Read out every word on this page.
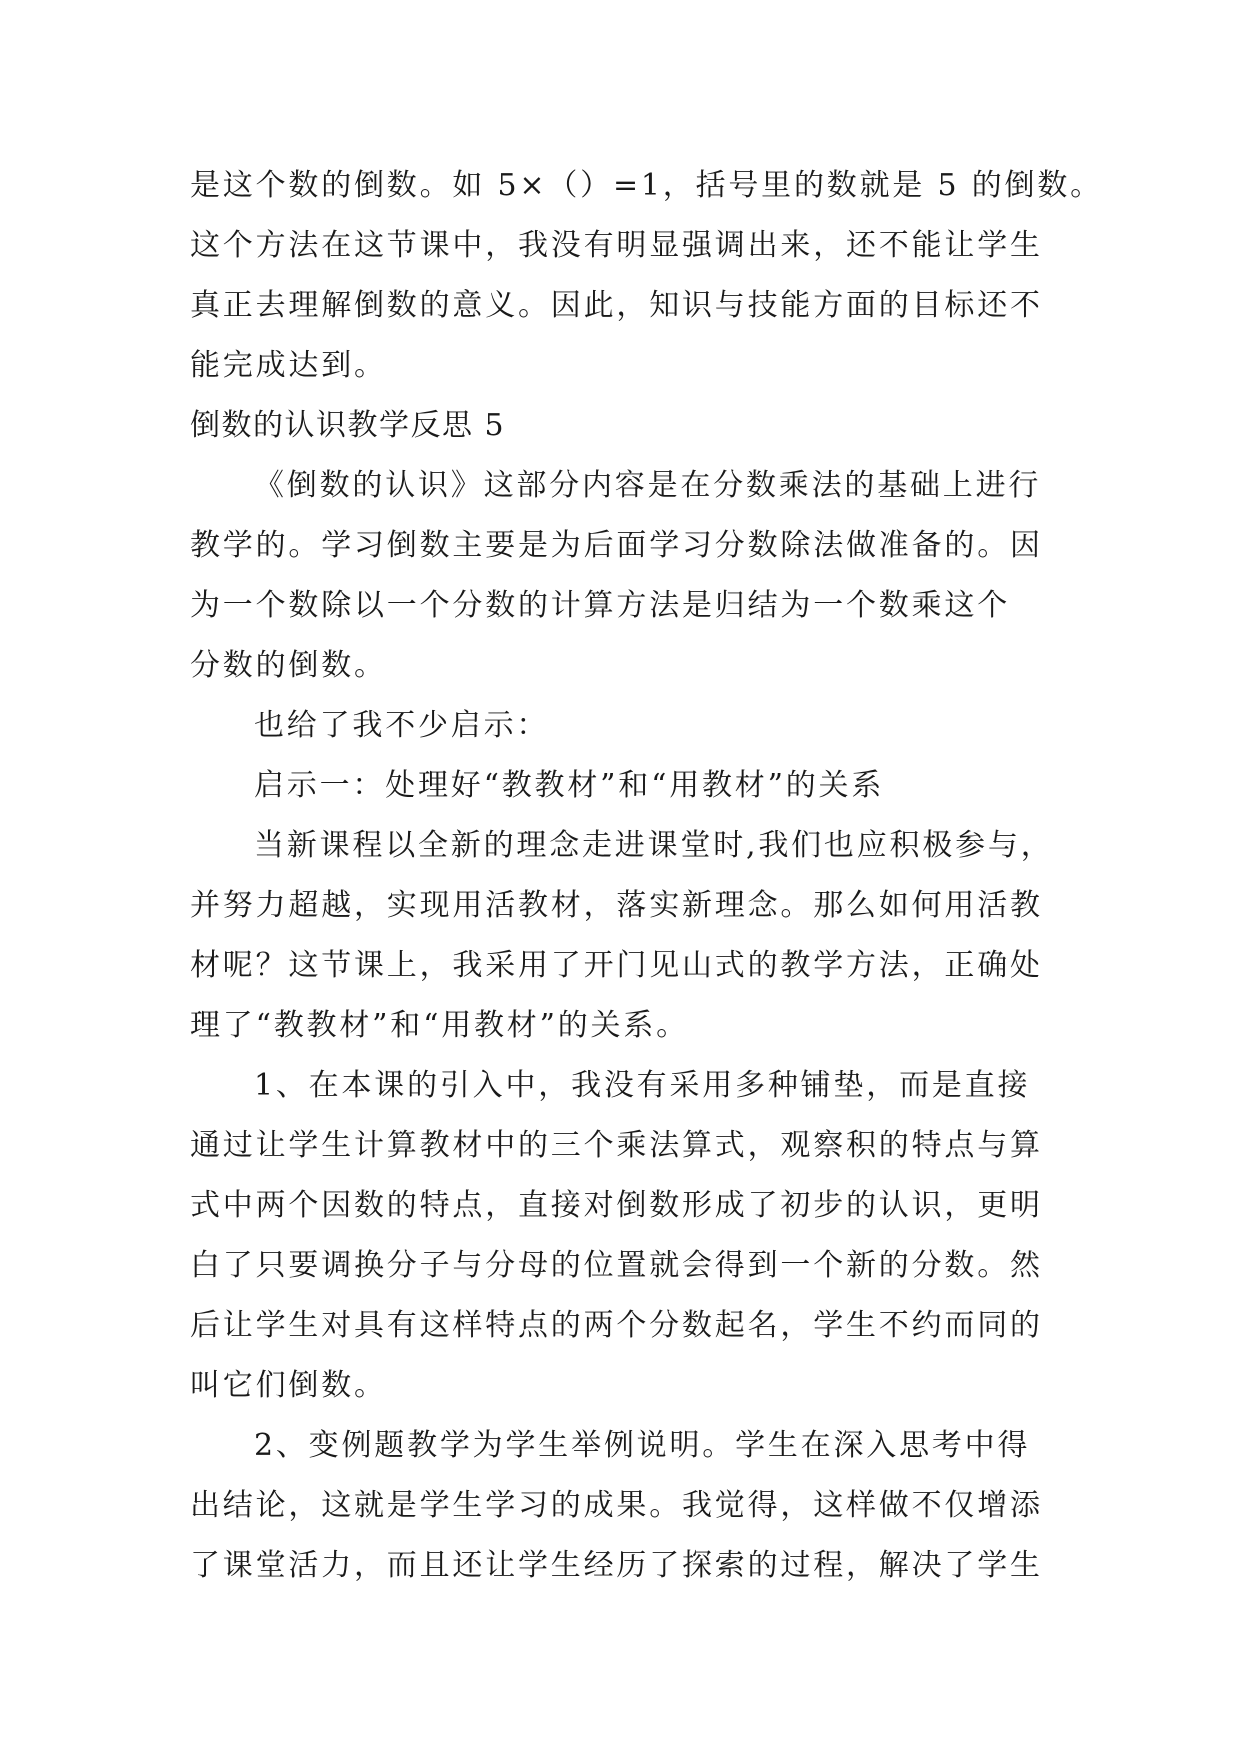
是这个数的倒数。如 5×（）=1，括号里的数就是 5 的倒数。
这个方法在这节课中，我没有明显强调出来，还不能让学生
真正去理解倒数的意义。因此，知识与技能方面的目标还不
能完成达到。
倒数的认识教学反思 5
《倒数的认识》这部分内容是在分数乘法的基础上进行
教学的。学习倒数主要是为后面学习分数除法做准备的。因
为一个数除以一个分数的计算方法是归结为一个数乘这个
分数的倒数。
也给了我不少启示：
启示一：处理好“教教材”和“用教材”的关系
当新课程以全新的理念走进课堂时,我们也应积极参与，
并努力超越，实现用活教材，落实新理念。那么如何用活教
材呢？这节课上，我采用了开门见山式的教学方法，正确处
理了“教教材”和“用教材”的关系。
1、在本课的引入中，我没有采用多种铺垫，而是直接
通过让学生计算教材中的三个乘法算式，观察积的特点与算
式中两个因数的特点，直接对倒数形成了初步的认识，更明
白了只要调换分子与分母的位置就会得到一个新的分数。然
后让学生对具有这样特点的两个分数起名，学生不约而同的
叫它们倒数。
2、变例题教学为学生举例说明。学生在深入思考中得
出结论，这就是学生学习的成果。我觉得，这样做不仅增添
了课堂活力，而且还让学生经历了探索的过程，解决了学生
